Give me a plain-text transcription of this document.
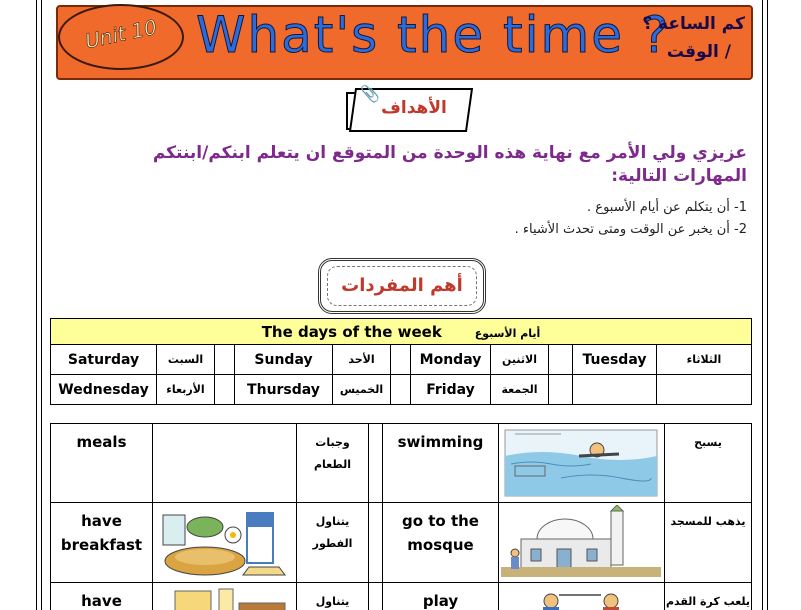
Unit 10 What's the time ?
كم الساعة ؟
/ الوقت
📎
الأهداف
عزيزي ولي الأمر مع نهاية هذه الوحدة من المتوقع ان يتعلم ابنكم/ابنتكم المهارات التالية:
1- أن يتكلم عن أيام الأسبوع .
2- أن يخبر عن الوقت ومتى تحدث الأشياء .
أهم المفردات
The days of the week أيام الأسبوع										
Saturday	السبت		Sunday	الأحد		Monday	الاثنين		Tuesday	الثلاثاء
Wednesday	الأربعاء		Thursday	الخميس		Friday	الجمعة			
meals		وجبات الطعام		swimming		يسبح
have breakfast		يتناول الفطور		go to the mosque		يذهب للمسجد
have		يتناول		play		يلعب كرة القدم
